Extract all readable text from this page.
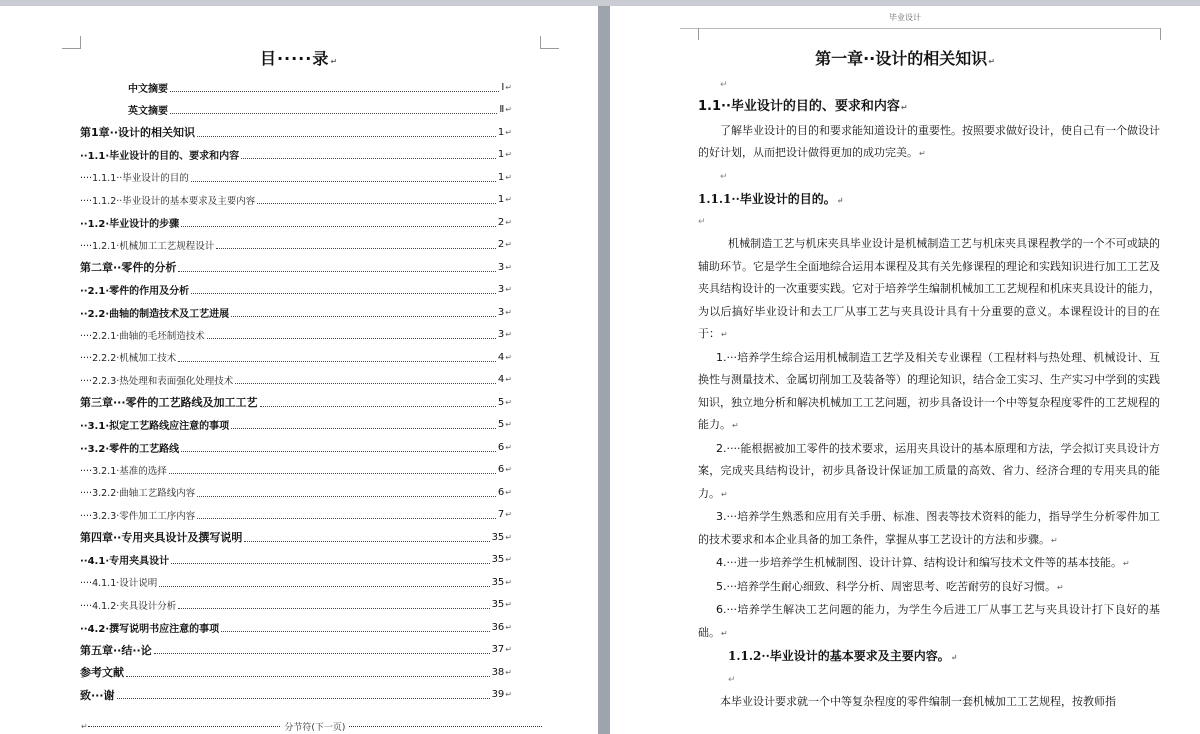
目·····录↵
中文摘要	Ⅰ ↵
英文摘要	Ⅱ ↵
第1章··设计的相关知识	1 ↵
··1.1·毕业设计的目的、要求和内容	1 ↵
····1.1.1··毕业设计的目的	1 ↵
····1.1.2··毕业设计的基本要求及主要内容	1 ↵
··1.2·毕业设计的步骤	2 ↵
····1.2.1·机械加工工艺规程设计	2 ↵
第二章··零件的分析	3 ↵
··2.1·零件的作用及分析	3 ↵
··2.2·曲轴的制造技术及工艺进展	3 ↵
····2.2.1·曲轴的毛坯制造技术	3 ↵
····2.2.2·机械加工技术	4 ↵
····2.2.3·热处理和表面强化处理技术	4 ↵
第三章···零件的工艺路线及加工工艺	5 ↵
··3.1·拟定工艺路线应注意的事项	5 ↵
··3.2·零件的工艺路线	6 ↵
····3.2.1·基准的选择	6 ↵
····3.2.2·曲轴工艺路线内容	6 ↵
····3.2.3·零件加工工序内容	7 ↵
第四章··专用夹具设计及撰写说明	35 ↵
··4.1·专用夹具设计	35 ↵
····4.1.1·设计说明	35 ↵
····4.1.2·夹具设计分析	35 ↵
··4.2·撰写说明书应注意的事项	36 ↵
第五章··结··论	37 ↵
参考文献	38 ↵
致···谢	39 ↵
↵	分节符(下一页)
毕业设计
第一章··设计的相关知识↵
↵
1.1··毕业设计的目的、要求和内容↵
了解毕业设计的目的和要求能知道设计的重要性。按照要求做好设计，使自己有一个做设计的好计划，从而把设计做得更加的成功完美。↵
↵
1.1.1··毕业设计的目的。↵
↵
机械制造工艺与机床夹具毕业设计是机械制造工艺与机床夹具课程教学的一个不可或缺的辅助环节。它是学生全面地综合运用本课程及其有关先修课程的理论和实践知识进行加工工艺及夹具结构设计的一次重要实践。它对于培养学生编制机械加工工艺规程和机床夹具设计的能力，为以后搞好毕业设计和去工厂从事工艺与夹具设计具有十分重要的意义。本课程设计的目的在于：↵
1.···培养学生综合运用机械制造工艺学及相关专业课程（工程材料与热处理、机械设计、互换性与测量技术、金属切削加工及装备等）的理论知识，结合金工实习、生产实习中学到的实践知识，独立地分析和解决机械加工工艺问题，初步具备设计一个中等复杂程度零件的工艺规程的能力。↵
2.····能根据被加工零件的技术要求，运用夹具设计的基本原理和方法，学会拟订夹具设计方案，完成夹具结构设计，初步具备设计保证加工质量的高效、省力、经济合理的专用夹具的能力。↵
3.···培养学生熟悉和应用有关手册、标准、图表等技术资料的能力，指导学生分析零件加工的技术要求和本企业具备的加工条件，掌握从事工艺设计的方法和步骤。↵
4.···进一步培养学生机械制图、设计计算、结构设计和编写技术文件等的基本技能。↵
5.···培养学生耐心细致、科学分析、周密思考、吃苦耐劳的良好习惯。↵
6.···培养学生解决工艺问题的能力，为学生今后进工厂从事工艺与夹具设计打下良好的基础。↵
1.1.2··毕业设计的基本要求及主要内容。↵
↵
本毕业设计要求就一个中等复杂程度的零件编制一套机械加工工艺规程，按教师指
